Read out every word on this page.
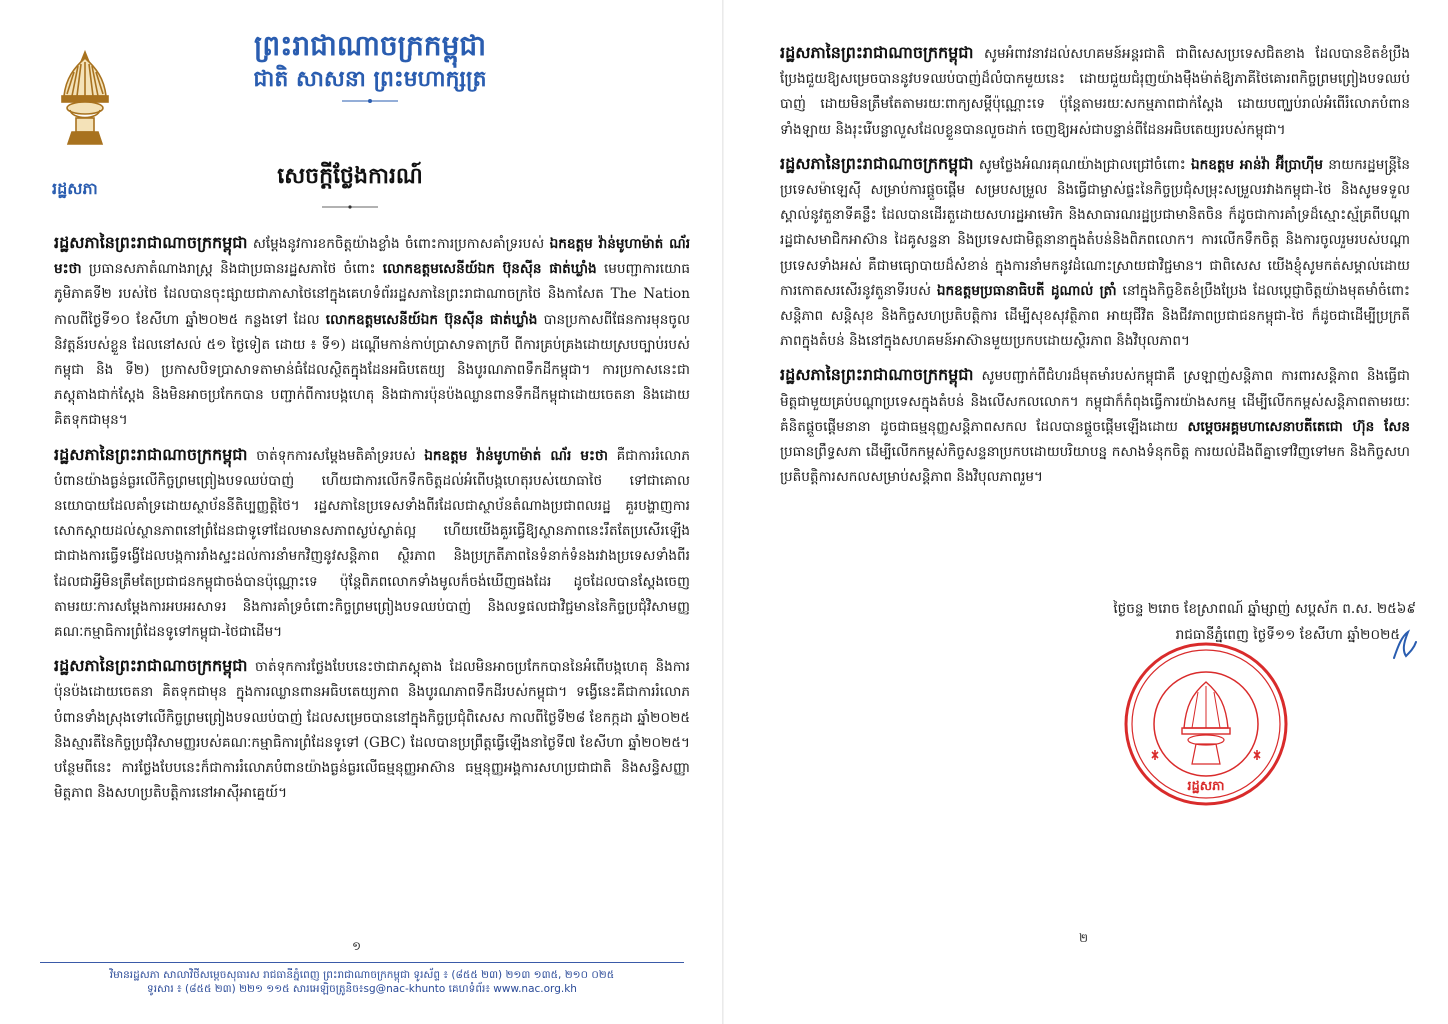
រដ្ឋសភា
ព្រះរាជាណាចក្រកម្ពុជា
ជាតិ សាសនា ព្រះមហាក្សត្រ
សេចក្តីថ្លែងការណ៍

រដ្ឋសភានៃព្រះរាជាណាចក្រកម្ពុជា សម្តែងនូវការខកចិត្តយ៉ាងខ្លាំង ចំពោះការប្រកាសគាំទ្ររបស់ ឯកឧត្តម វ៉ាន់មូហាម៉ាត់ ណ័រ មះថា ប្រធានសភាតំណាងរាស្ត្រ និងជាប្រធានរដ្ឋសភាថៃ ចំពោះ លោកឧត្តមសេនីយ៍ឯក ប៊ុនស៊ីន ផាត់ឃ្លាំង មេបញ្ជាការយោធភូមិភាគទី២ របស់ថៃ ដែលបានចុះផ្សាយជាភាសាថៃនៅក្នុងគេហទំព័ររដ្ឋសភានៃព្រះរាជាណាចក្រថៃ និងកាសែត The Nation កាលពីថ្ងៃទី១០ ខែសីហា ឆ្នាំ២០២៥ កន្លងទៅ ដែល លោកឧត្តមសេនីយ៍ឯក ប៊ុនស៊ីន ផាត់ឃ្លាំង បានប្រកាសពីផែនការមុនចូលនិវត្តន៍របស់ខ្លួន ដែលនៅសល់ ៥១ ថ្ងៃទៀត ដោយ ៖ ទី១) ដណ្តើមកាន់កាប់ប្រាសាទតាក្របី ពីការគ្រប់គ្រងដោយស្របច្បាប់របស់កម្ពុជា និង ទី២) ប្រកាសបិទប្រាសាទតាមាន់ធំដែលស្ថិតក្នុងដែនអធិបតេយ្យ និងបូរណភាពទឹកដីកម្ពុជា។ ការប្រកាសនេះជាភស្តុតាងជាក់ស្តែង និងមិនអាចប្រកែកបាន បញ្ជាក់ពីការបង្កហេតុ និងជាការប៉ុនប៉ងឈ្លានពានទឹកដីកម្ពុជាដោយចេតនា និងដោយគិតទុកជាមុន។

រដ្ឋសភានៃព្រះរាជាណាចក្រកម្ពុជា ចាត់ទុកការសម្តែងមតិគាំទ្ររបស់ ឯកឧត្តម វ៉ាន់មូហាម៉ាត់ ណ័រ មះថា គឺជាការរំលោភបំពានយ៉ាងធ្ងន់ធ្ងរលើកិច្ចព្រមព្រៀងបទឈប់បាញ់ ហើយជាការលើកទឹកចិត្តដល់អំពើបង្កហេតុរបស់យោធាថៃ ទៅជាគោលនយោបាយដែលគាំទ្រដោយស្ថាប័ននីតិប្បញ្ញត្តិថៃ។ រដ្ឋសភានៃប្រទេសទាំងពីរដែលជាស្ថាប័នតំណាងប្រជាពលរដ្ឋ គួរបង្ហាញការសោកស្តាយដល់ស្ថានភាពនៅព្រំដែនជាទូទៅដែលមានសភាពស្ងប់ស្ងាត់ល្អ ហើយយើងគួរធ្វើឱ្យស្ថានភាពនេះរឹតតែប្រសើរឡើង ជាជាងការធ្វើទង្វើដែលបង្កការរាំងស្ទះដល់ការនាំមកវិញនូវសន្តិភាព ស្ថិរភាព និងប្រក្រតីភាពនៃទំនាក់ទំនងរវាងប្រទេសទាំងពីរ ដែលជាអ្វីមិនត្រឹមតែប្រជាជនកម្ពុជាចង់បានប៉ុណ្ណោះទេ ប៉ុន្តែពិភពលោកទាំងមូលក៏ចង់ឃើញផងដែរ ដូចដែលបានស្តែងចេញតាមរយៈការសម្តែងការអបអរសាទរ និងការគាំទ្រចំពោះកិច្ចព្រមព្រៀងបទឈប់បាញ់ និងលទ្ធផលជាវិជ្ជមាននៃកិច្ចប្រជុំវិសាមញ្ញគណៈកម្មាធិការព្រំដែនទូទៅកម្ពុជា-ថៃជាដើម។

រដ្ឋសភានៃព្រះរាជាណាចក្រកម្ពុជា ចាត់ទុកការថ្លែងបែបនេះថាជាភស្តុតាង ដែលមិនអាចប្រកែកបាននៃអំពើបង្កហេតុ និងការប៉ុនប៉ងដោយចេតនា គិតទុកជាមុន ក្នុងការឈ្លានពានអធិបតេយ្យភាព និងបូរណភាពទឹកដីរបស់កម្ពុជា។ ទង្វើនេះគឺជាការរំលោភបំពានទាំងស្រុងទៅលើកិច្ចព្រមព្រៀងបទឈប់បាញ់ ដែលសម្រេចបាននៅក្នុងកិច្ចប្រជុំពិសេស កាលពីថ្ងៃទី២៨ ខែកក្កដា ឆ្នាំ២០២៥ និងស្មារតីនៃកិច្ចប្រជុំវិសាមញ្ញរបស់គណៈកម្មាធិការព្រំដែនទូទៅ (GBC) ដែលបានប្រព្រឹត្តធ្វើឡើងនាថ្ងៃទី៧ ខែសីហា ឆ្នាំ២០២៥។ បន្ថែមពីនេះ ការថ្លែងបែបនេះក៏ជាការរំលោភបំពានយ៉ាងធ្ងន់ធ្ងរលើធម្មនុញ្ញអាស៊ាន ធម្មនុញ្ញអង្គការសហប្រជាជាតិ និងសន្ធិសញ្ញាមិត្តភាព និងសហប្រតិបត្តិការនៅអាស៊ីអាគ្នេយ៍។

១
វិមានរដ្ឋសភា សាលាវិថីសម្តេចសុធារស រាជធានីភ្នំពេញ ព្រះរាជាណាចក្រកម្ពុជា ទូរស័ព្ទ ៖ (៨៥៥ ២៣) ២១៣ ១៣៥, ២១០ ០២៥
ទូរសារ ៖ (៨៥៥ ២៣) ២២១ ១១៥ សារអេឡិចត្រូនិច៖sg@nac-khunto គេហទំព័រ៖ www.nac.org.kh

រដ្ឋសភានៃព្រះរាជាណាចក្រកម្ពុជា សូមអំពាវនាវដល់សហគមន៍អន្តរជាតិ ជាពិសេសប្រទេសជិតខាង ដែលបានខិតខំប្រឹងប្រែងជួយឱ្យសម្រេចបាននូវបទឈប់បាញ់ដ៏លំបាកមួយនេះ ដោយជួយជំរុញយ៉ាងម៉ឺងម៉ាត់ឱ្យភាគីថៃគោរពកិច្ចព្រមព្រៀងបទឈប់បាញ់ ដោយមិនត្រឹមតែតាមរយៈពាក្យសម្តីប៉ុណ្ណោះទេ ប៉ុន្តែតាមរយៈសកម្មភាពជាក់ស្តែង ដោយបញ្ឈប់រាល់អំពើរំលោភបំពានទាំងឡាយ និងរុះរើបន្លាលួសដែលខ្លួនបានលួចដាក់ ចេញឱ្យអស់ជាបន្ទាន់ពីដែនអធិបតេយ្យរបស់កម្ពុជា។

រដ្ឋសភានៃព្រះរាជាណាចក្រកម្ពុជា សូមថ្លែងអំណរគុណយ៉ាងជ្រាលជ្រៅចំពោះ ឯកឧត្តម អាន់វ៉ា អ៊ីប្រាហ៊ីម នាយករដ្ឋមន្ត្រីនៃប្រទេសម៉ាឡេស៊ី សម្រាប់ការផ្តួចផ្តើម សម្របសម្រួល និងធ្វើជាម្ចាស់ផ្ទះនៃកិច្ចប្រជុំសម្រុះសម្រួលរវាងកម្ពុជា-ថៃ និងសូមទទួលស្គាល់នូវតួនាទីគន្លឹះ ដែលបានដើរតួដោយសហរដ្ឋអាមេរិក និងសាធារណរដ្ឋប្រជាមានិតចិន ក៏ដូចជាការគាំទ្រដ៏ស្មោះស្ម័គ្រពីបណ្តារដ្ឋជាសមាជិកអាស៊ាន ដៃគូសន្ទនា និងប្រទេសជាមិត្តនានាក្នុងតំបន់និងពិភពលោក។ ការលើកទឹកចិត្ត និងការចូលរួមរបស់បណ្តាប្រទេសទាំងអស់ គឺជាមធ្យោបាយដ៏សំខាន់ ក្នុងការនាំមកនូវដំណោះស្រាយជាវិជ្ជមាន។ ជាពិសេស យើងខ្ញុំសូមកត់សម្គាល់ដោយការកោតសរសើរនូវតួនាទីរបស់ ឯកឧត្តមប្រធានាធិបតី ដូណាល់ ត្រាំ នៅក្នុងកិច្ចខិតខំប្រឹងប្រែង ដែលប្តេជ្ញាចិត្តយ៉ាងមុតមាំចំពោះសន្តិភាព សន្តិសុខ និងកិច្ចសហប្រតិបត្តិការ ដើម្បីសុខសុវត្ថិភាព អាយុជីវិត និងជីវភាពប្រជាជនកម្ពុជា-ថៃ ក៏ដូចជាដើម្បីប្រក្រតីភាពក្នុងតំបន់ និងនៅក្នុងសហគមន៍អាស៊ានមួយប្រកបដោយស្ថិរភាព និងវិបុលភាព។

រដ្ឋសភានៃព្រះរាជាណាចក្រកម្ពុជា សូមបញ្ជាក់ពីជំហរដ៏មុតមាំរបស់កម្ពុជាគឺ ស្រឡាញ់សន្តិភាព ការពារសន្តិភាព និងធ្វើជាមិត្តជាមួយគ្រប់បណ្តាប្រទេសក្នុងតំបន់ និងលើសកលលោក។ កម្ពុជាក៏កំពុងធ្វើការយ៉ាងសកម្ម ដើម្បីលើកកម្ពស់សន្តិភាពតាមរយៈគំនិតផ្តួចផ្តើមនានា ដូចជាធម្មនុញ្ញសន្តិភាពសកល ដែលបានផ្តួចផ្តើមឡើងដោយ សម្តេចអគ្គមហាសេនាបតីតេជោ ហ៊ុន សែន ប្រធានព្រឹទ្ធសភា ដើម្បីលើកកម្ពស់កិច្ចសន្ទនាប្រកបដោយបរិយាបន្ន កសាងទំនុកចិត្ត ការយល់ដឹងពីគ្នាទៅវិញទៅមក និងកិច្ចសហប្រតិបត្តិការសកលសម្រាប់សន្តិភាព និងវិបុលភាពរួម។

ថ្ងៃចន្ទ ២រោច ខែស្រាពណ៍ ឆ្នាំម្សាញ់ សប្តស័ក ព.ស. ២៥៦៩
រាជធានីភ្នំពេញ ថ្ងៃទី១១ ខែសីហា ឆ្នាំ២០២៥
រដ្ឋសភា
២
